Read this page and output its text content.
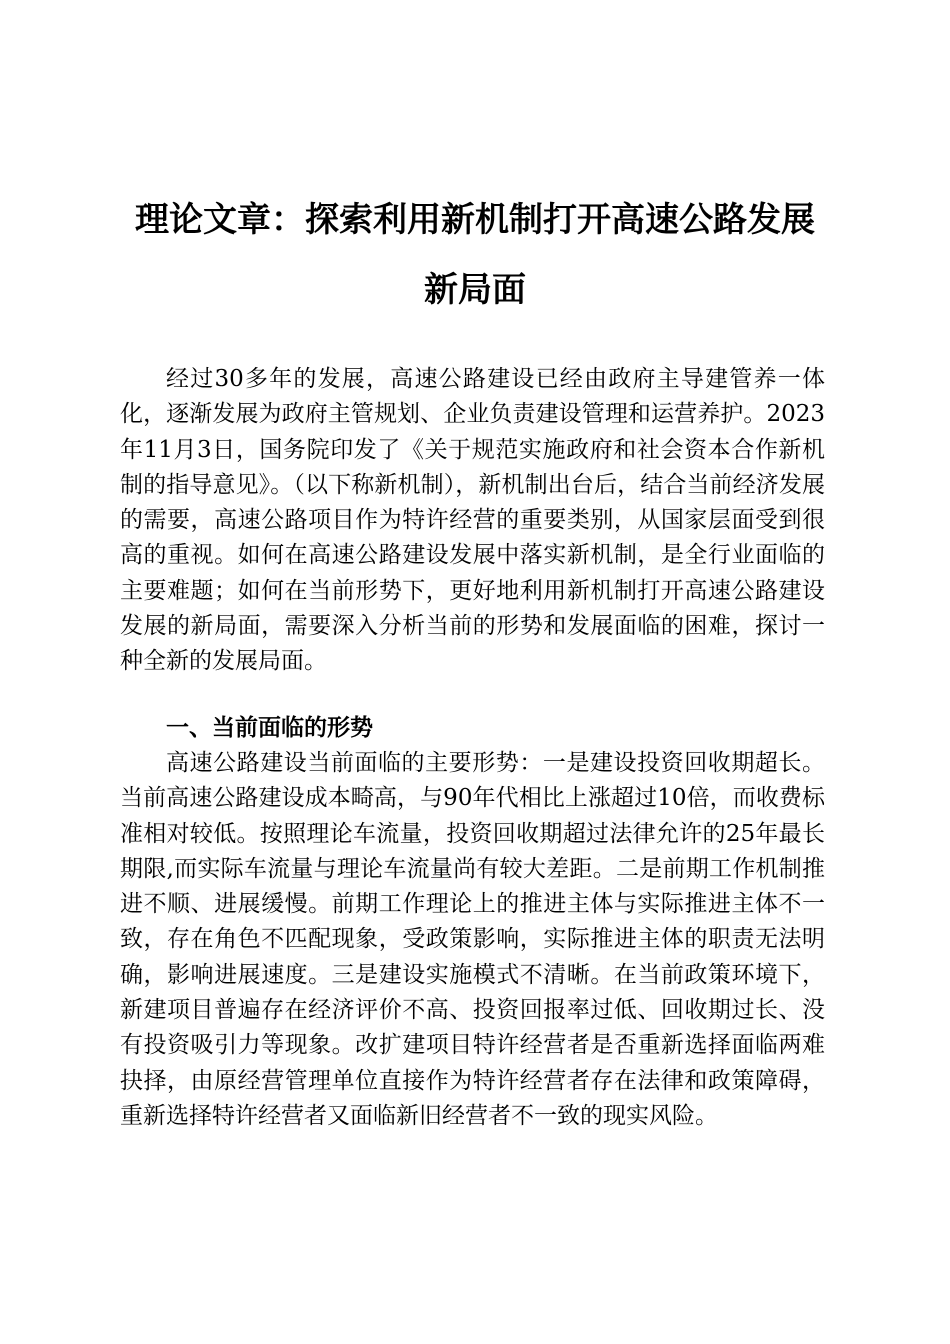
理论文章：探索利用新机制打开高速公路发展
新局面

经过30多年的发展，高速公路建设已经由政府主导建管养一体化，逐渐发展为政府主管规划、企业负责建设管理和运营养护。2023年11月3日，国务院印发了《关于规范实施政府和社会资本合作新机制的指导意见》。（以下称新机制），新机制出台后，结合当前经济发展的需要，高速公路项目作为特许经营的重要类别，从国家层面受到很高的重视。如何在高速公路建设发展中落实新机制，是全行业面临的主要难题；如何在当前形势下，更好地利用新机制打开高速公路建设发展的新局面，需要深入分析当前的形势和发展面临的困难，探讨一种全新的发展局面。

一、当前面临的形势

高速公路建设当前面临的主要形势：一是建设投资回收期超长。当前高速公路建设成本畸高，与90年代相比上涨超过10倍，而收费标准相对较低。按照理论车流量，投资回收期超过法律允许的25年最长期限,而实际车流量与理论车流量尚有较大差距。二是前期工作机制推进不顺、进展缓慢。前期工作理论上的推进主体与实际推进主体不一致，存在角色不匹配现象，受政策影响，实际推进主体的职责无法明确，影响进展速度。三是建设实施模式不清晰。在当前政策环境下，新建项目普遍存在经济评价不高、投资回报率过低、回收期过长、没有投资吸引力等现象。改扩建项目特许经营者是否重新选择面临两难抉择，由原经营管理单位直接作为特许经营者存在法律和政策障碍，重新选择特许经营者又面临新旧经营者不一致的现实风险。
